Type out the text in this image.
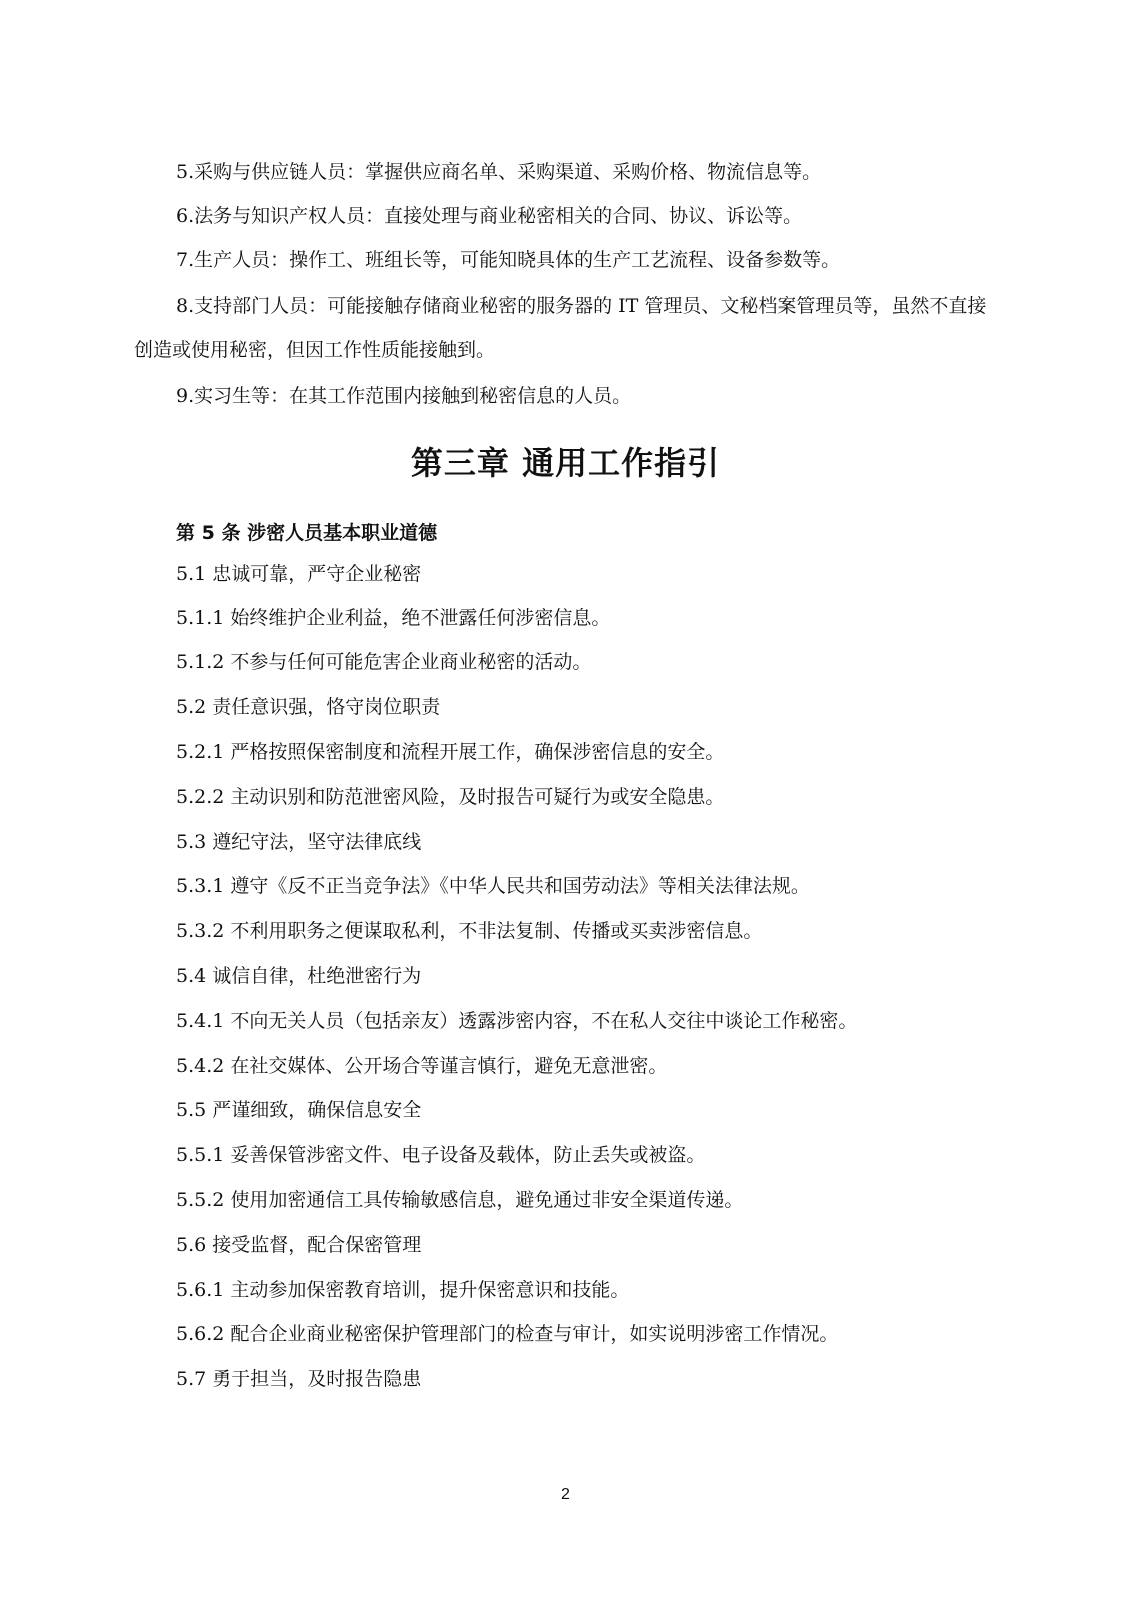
5.采购与供应链人员：掌握供应商名单、采购渠道、采购价格、物流信息等。
6.法务与知识产权人员：直接处理与商业秘密相关的合同、协议、诉讼等。
7.生产人员：操作工、班组长等，可能知晓具体的生产工艺流程、设备参数等。
8.支持部门人员：可能接触存储商业秘密的服务器的 IT 管理员、文秘档案管理员等，虽然不直接创造或使用秘密，但因工作性质能接触到。
9.实习生等：在其工作范围内接触到秘密信息的人员。
第三章 通用工作指引
第 5 条 涉密人员基本职业道德
5.1 忠诚可靠，严守企业秘密
5.1.1 始终维护企业利益，绝不泄露任何涉密信息。
5.1.2 不参与任何可能危害企业商业秘密的活动。
5.2 责任意识强，恪守岗位职责
5.2.1 严格按照保密制度和流程开展工作，确保涉密信息的安全。
5.2.2 主动识别和防范泄密风险，及时报告可疑行为或安全隐患。
5.3 遵纪守法，坚守法律底线
5.3.1 遵守《反不正当竞争法》《中华人民共和国劳动法》等相关法律法规。
5.3.2 不利用职务之便谋取私利，不非法复制、传播或买卖涉密信息。
5.4 诚信自律，杜绝泄密行为
5.4.1 不向无关人员（包括亲友）透露涉密内容，不在私人交往中谈论工作秘密。
5.4.2 在社交媒体、公开场合等谨言慎行，避免无意泄密。
5.5 严谨细致，确保信息安全
5.5.1 妥善保管涉密文件、电子设备及载体，防止丢失或被盗。
5.5.2 使用加密通信工具传输敏感信息，避免通过非安全渠道传递。
5.6 接受监督，配合保密管理
5.6.1 主动参加保密教育培训，提升保密意识和技能。
5.6.2 配合企业商业秘密保护管理部门的检查与审计，如实说明涉密工作情况。
5.7 勇于担当，及时报告隐患
2
